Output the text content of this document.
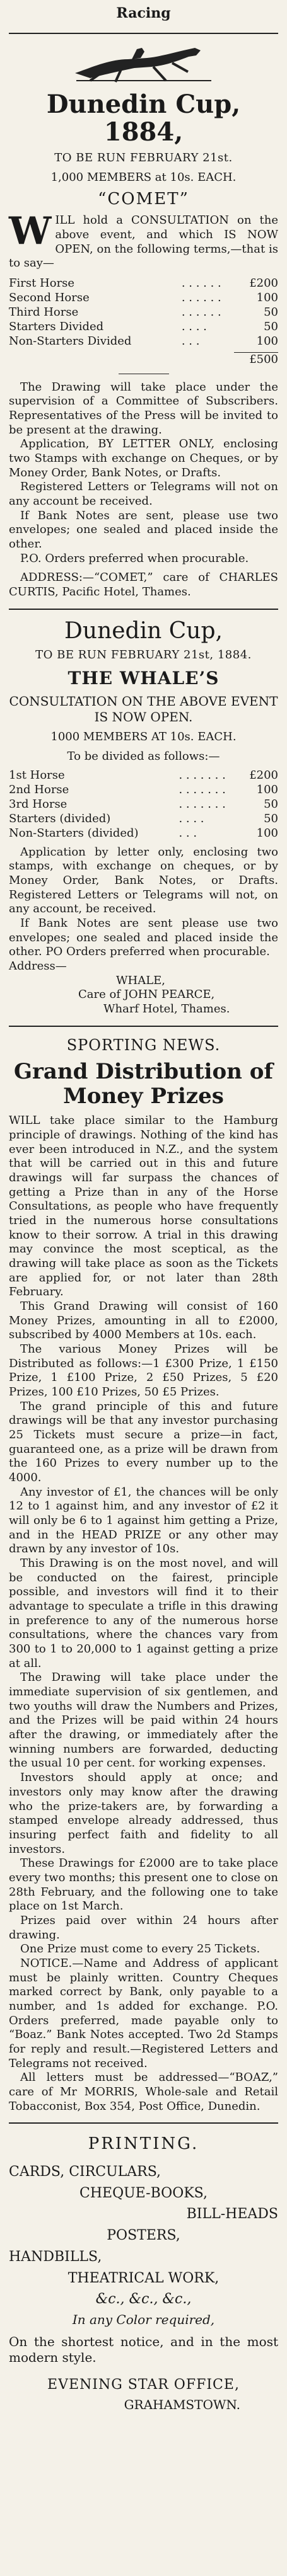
Racing
Dunedin Cup, 1884,
TO BE RUN FEBRUARY 21st.
1,000 MEMBERS at 10s. EACH.
“COMET”
WILL hold a CONSULTATION on the above event, and which IS NOW OPEN, on the following terms,—that is to say—
First Horse	. . . . . .	£200
Second Horse	. . . . . .	100
Third Horse	. . . . . .	50
Starters Divided	. . . .	50
Non-Starters Divided	. . .	100
£500
The Drawing will take place under the supervision of a Committee of Subscribers. Representatives of the Press will be invited to be present at the drawing.
Application, BY LETTER ONLY, enclosing two Stamps with exchange on Cheques, or by Money Order, Bank Notes, or Drafts.
Registered Letters or Telegrams will not on any account be received.
If Bank Notes are sent, please use two envelopes; one sealed and placed inside the other.
P.O. Orders preferred when procurable.
ADDRESS:—“COMET,” care of CHARLES CURTIS, Pacific Hotel, Thames.
Dunedin Cup,
TO BE RUN FEBRUARY 21st, 1884.
THE WHALE’S
CONSULTATION ON THE ABOVE EVENT IS NOW OPEN.
1000 MEMBERS AT 10s. EACH.
To be divided as follows:—
1st Horse	. . . . . . .	£200
2nd Horse	. . . . . . .	100
3rd Horse	. . . . . . .	50
Starters (divided)	. . . .	50
Non-Starters (divided)	. . .	100
Application by letter only, enclosing two stamps, with exchange on cheques, or by Money Order, Bank Notes, or Drafts. Registered Letters or Telegrams will not, on any account, be received.
If Bank Notes are sent please use two envelopes; one sealed and placed inside the other. PO Orders preferred when procurable.
Address—
WHALE,
Care of JOHN PEARCE,
Wharf Hotel, Thames.
SPORTING NEWS.
Grand Distribution of Money Prizes
WILL take place similar to the Hamburg principle of drawings. Nothing of the kind has ever been introduced in N.Z., and the system that will be carried out in this and future drawings will far surpass the chances of getting a Prize than in any of the Horse Consultations, as people who have frequently tried in the numerous horse consultations know to their sorrow. A trial in this drawing may convince the most sceptical, as the drawing will take place as soon as the Tickets are applied for, or not later than 28th February.
This Grand Drawing will consist of 160 Money Prizes, amounting in all to £2000, subscribed by 4000 Members at 10s. each.
The various Money Prizes will be Distributed as follows:—1 £300 Prize, 1 £150 Prize, 1 £100 Prize, 2 £50 Prizes, 5 £20 Prizes, 100 £10 Prizes, 50 £5 Prizes.
The grand principle of this and future drawings will be that any investor purchasing 25 Tickets must secure a prize—in fact, guaranteed one, as a prize will be drawn from the 160 Prizes to every number up to the 4000.
Any investor of £1, the chances will be only 12 to 1 against him, and any investor of £2 it will only be 6 to 1 against him getting a Prize, and in the HEAD PRIZE or any other may drawn by any investor of 10s.
This Drawing is on the most novel, and will be conducted on the fairest, principle possible, and investors will find it to their advantage to speculate a trifle in this drawing in preference to any of the numerous horse consultations, where the chances vary from 300 to 1 to 20,000 to 1 against getting a prize at all.
The Drawing will take place under the immediate supervision of six gentlemen, and two youths will draw the Numbers and Prizes, and the Prizes will be paid within 24 hours after the drawing, or immediately after the winning numbers are forwarded, deducting the usual 10 per cent. for working expenses.
Investors should apply at once; and investors only may know after the drawing who the prize-takers are, by forwarding a stamped envelope already addressed, thus insuring perfect faith and fidelity to all investors.
These Drawings for £2000 are to take place every two months; this present one to close on 28th February, and the following one to take place on 1st March.
Prizes paid over within 24 hours after drawing.
One Prize must come to every 25 Tickets.
NOTICE.—Name and Address of applicant must be plainly written. Country Cheques marked correct by Bank, only payable to a number, and 1s added for exchange. P.O. Orders preferred, made payable only to “Boaz.” Bank Notes accepted. Two 2d Stamps for reply and result.—Registered Letters and Telegrams not received.
All letters must be addressed—“BOAZ,” care of Mr MORRIS, Whole-sale and Retail Tobacconist, Box 354, Post Office, Dunedin.
PRINTING.
CARDS, CIRCULARS,
CHEQUE-BOOKS,
BILL-HEADS
POSTERS,
HANDBILLS,
THEATRICAL WORK,
&c., &c., &c.,
In any Color required,
On the shortest notice, and in the most modern style.
EVENING STAR OFFICE,
GRAHAMSTOWN.
